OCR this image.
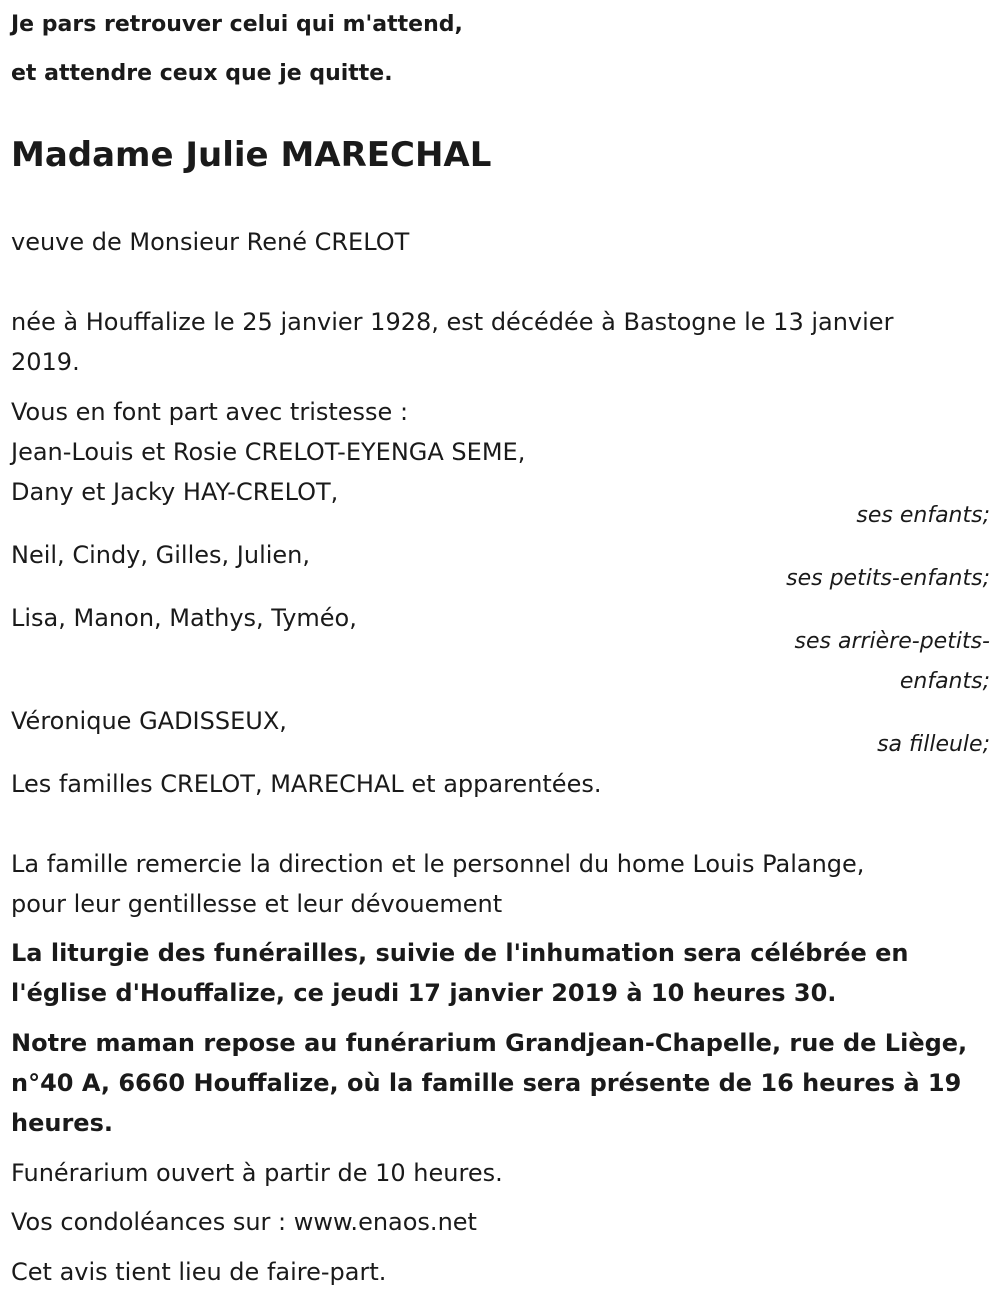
Je pars retrouver celui qui m'attend,
et attendre ceux que je quitte.
Madame Julie MARECHAL
veuve de Monsieur René CRELOT
née à Houffalize le 25 janvier 1928, est décédée à Bastogne le 13 janvier
2019.
Vous en font part avec tristesse :
Jean-Louis et Rosie CRELOT-EYENGA SEME,
Dany et Jacky HAY-CRELOT,
ses enfants;
Neil, Cindy, Gilles, Julien,
ses petits-enfants;
Lisa, Manon, Mathys, Tyméo,
ses arrière-petits-
enfants;
Véronique GADISSEUX,
sa filleule;
Les familles CRELOT, MARECHAL et apparentées.
La famille remercie la direction et le personnel du home Louis Palange,
pour leur gentillesse et leur dévouement
La liturgie des funérailles, suivie de l'inhumation sera célébrée en
l'église d'Houffalize, ce jeudi 17 janvier 2019 à 10 heures 30.
Notre maman repose au funérarium Grandjean-Chapelle, rue de Liège,
n°40 A, 6660 Houffalize, où la famille sera présente de 16 heures à 19
heures.
Funérarium ouvert à partir de 10 heures.
Vos condoléances sur : www.enaos.net
Cet avis tient lieu de faire-part.
